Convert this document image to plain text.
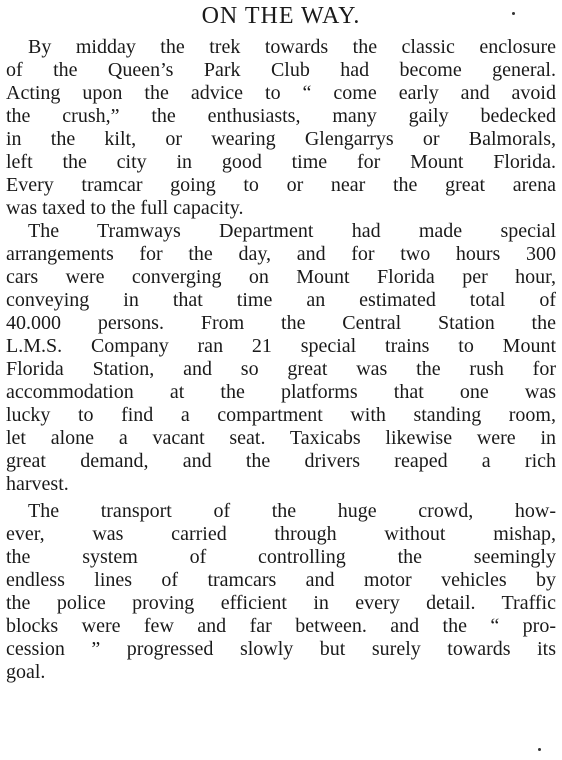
ON THE WAY.
By midday the trek towards the classic enclosure
of the Queen’s Park Club had become general.
Acting upon the advice to “ come early and avoid
the crush,” the enthusiasts, many gaily bedecked
in the kilt, or wearing Glengarrys or Balmorals,
left the city in good time for Mount Florida.
Every tramcar going to or near the great arena
was taxed to the full capacity.
The Tramways Department had made special
arrangements for the day, and for two hours 300
cars were converging on Mount Florida per hour,
conveying in that time an estimated total of
40.000 persons. From the Central Station the
L.M.S. Company ran 21 special trains to Mount
Florida Station, and so great was the rush for
accommodation at the platforms that one was
lucky to find a compartment with standing room,
let alone a vacant seat. Taxicabs likewise were in
great demand, and the drivers reaped a rich
harvest.
The transport of the huge crowd, how-
ever, was carried through without mishap,
the system of controlling the seemingly
endless lines of tramcars and motor vehicles by
the police proving efficient in every detail. Traffic
blocks were few and far between. and the “ pro-
cession ” progressed slowly but surely towards its
goal.
